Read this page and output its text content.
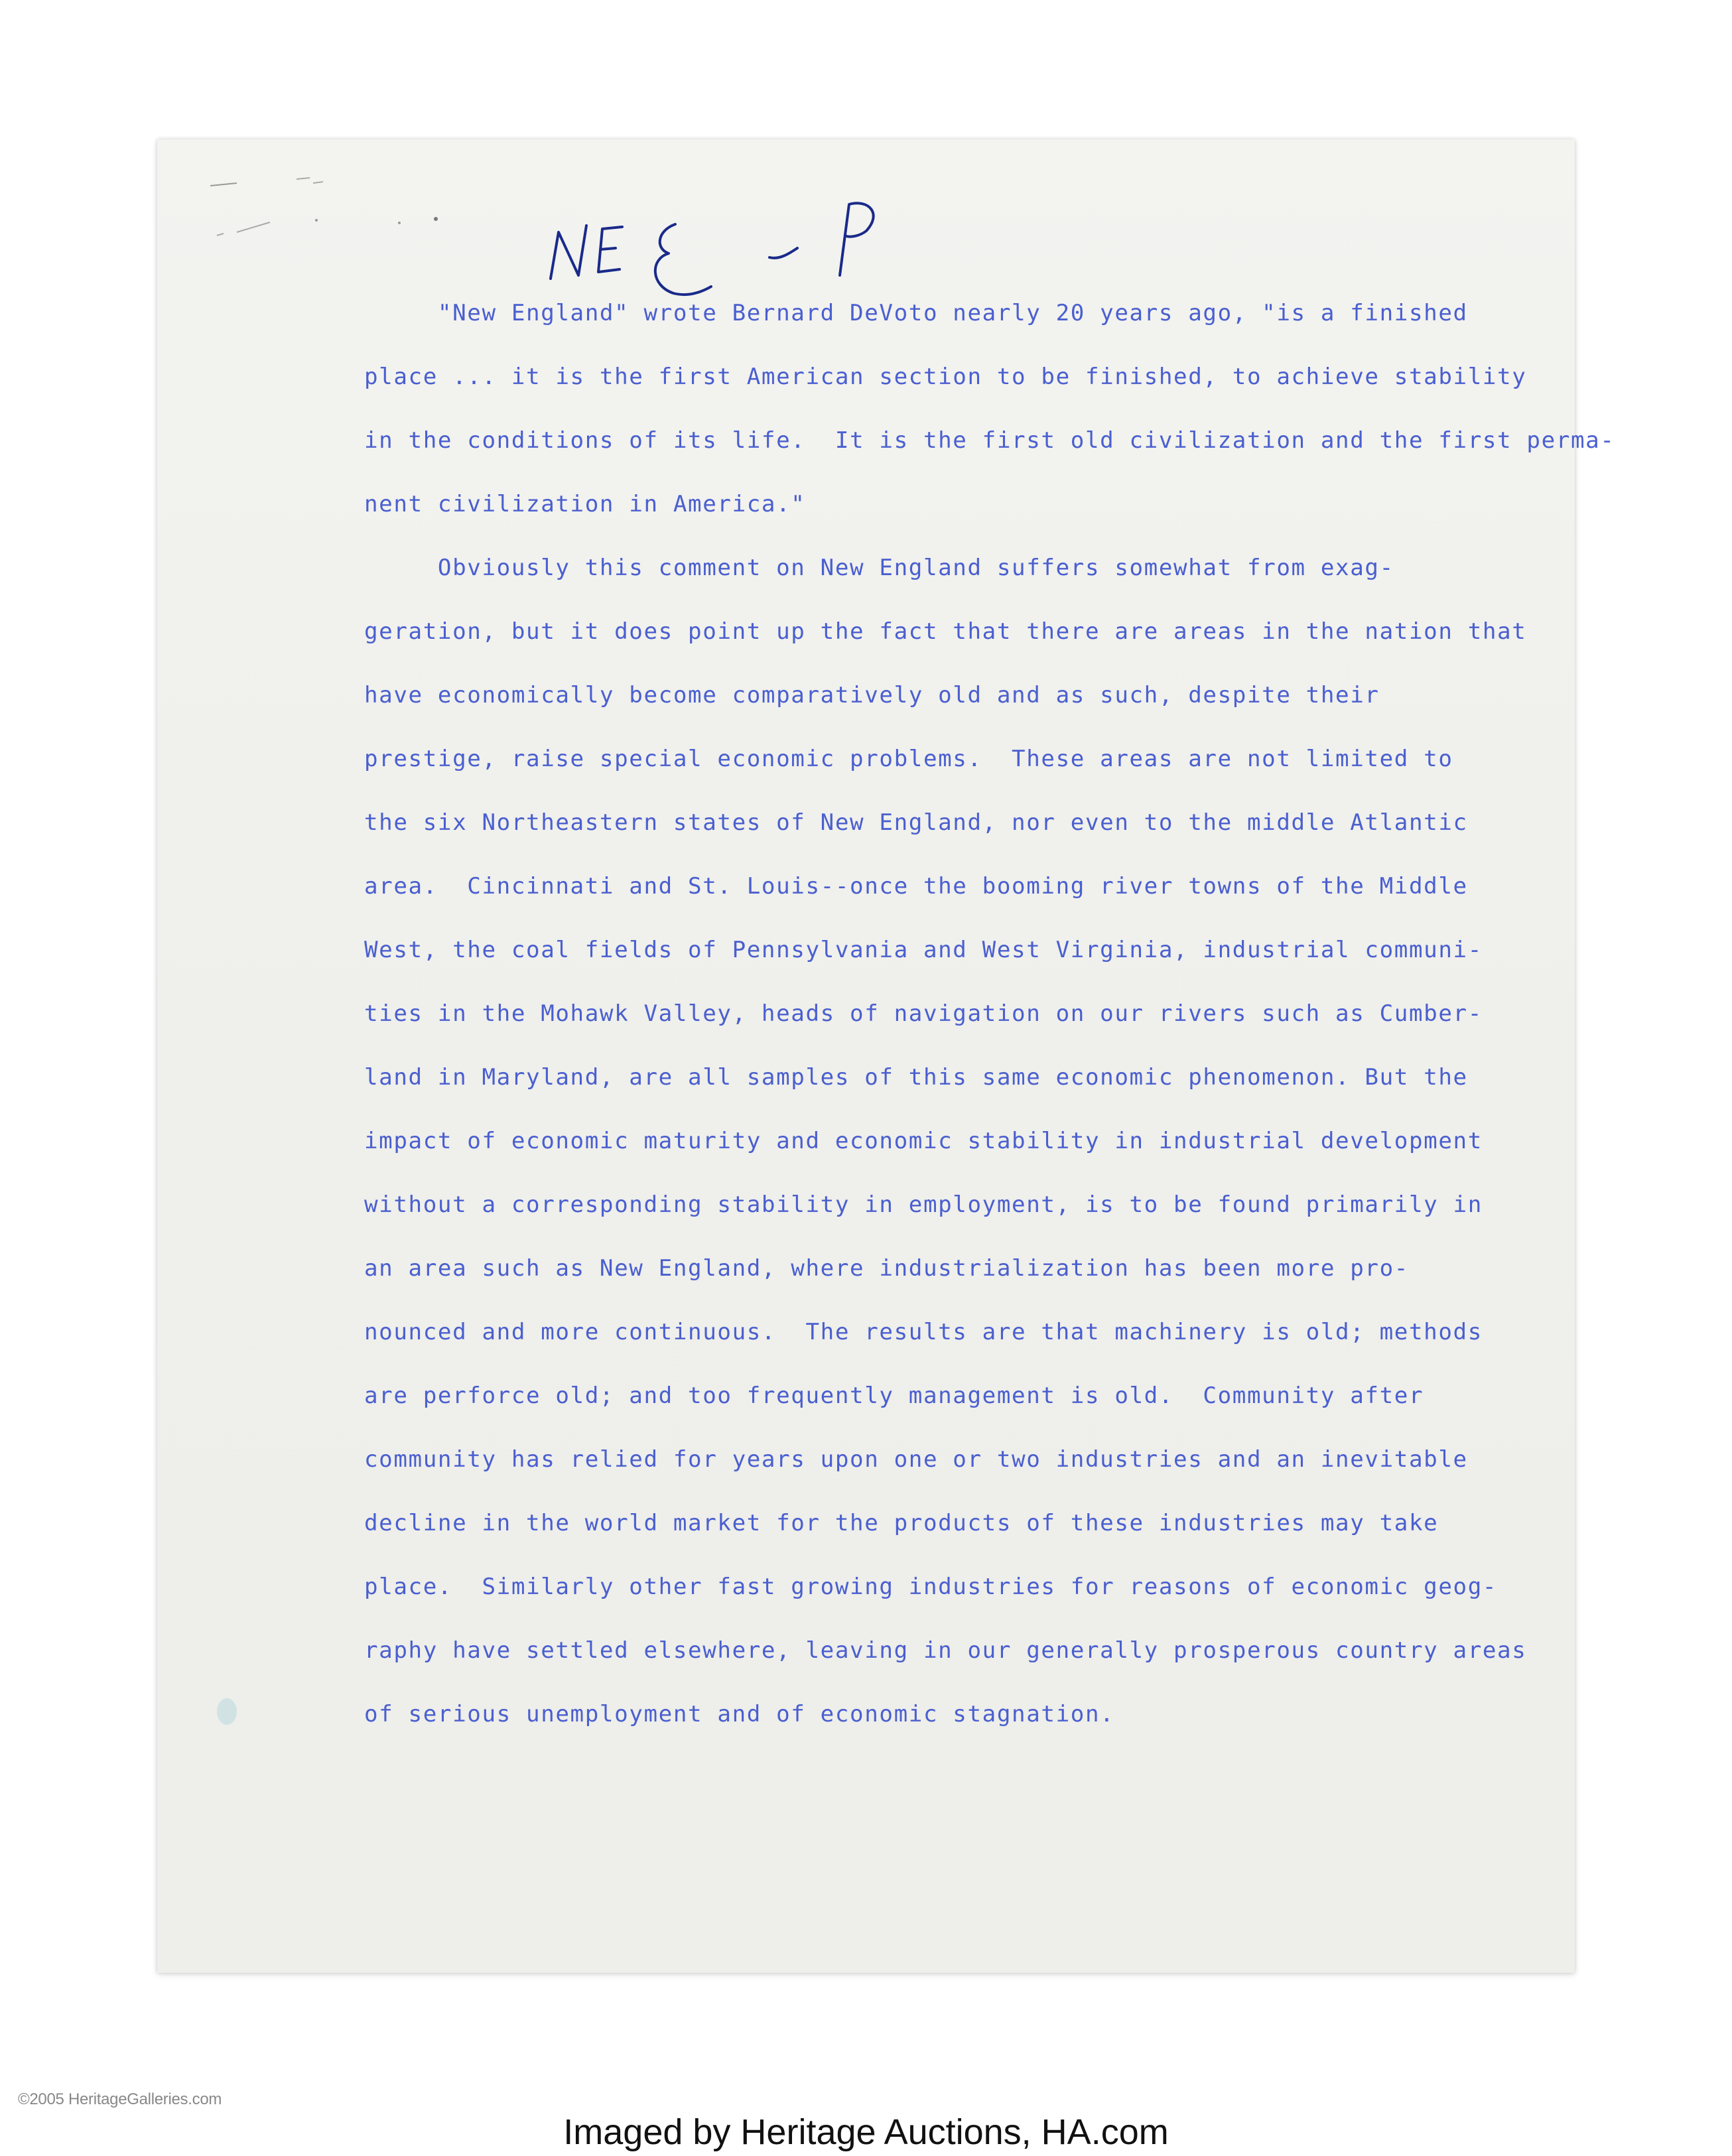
"New England" wrote Bernard DeVoto nearly 20 years ago, "is a finished
place ... it is the first American section to be finished, to achieve stability
in the conditions of its life.  It is the first old civilization and the first perma-
nent civilization in America."
Obviously this comment on New England suffers somewhat from exag-
geration, but it does point up the fact that there are areas in the nation that
have economically become comparatively old and as such, despite their
prestige, raise special economic problems.  These areas are not limited to
the six Northeastern states of New England, nor even to the middle Atlantic
area.  Cincinnati and St. Louis--once the booming river towns of the Middle
West, the coal fields of Pennsylvania and West Virginia, industrial communi-
ties in the Mohawk Valley, heads of navigation on our rivers such as Cumber-
land in Maryland, are all samples of this same economic phenomenon. But the
impact of economic maturity and economic stability in industrial development
without a corresponding stability in employment, is to be found primarily in
an area such as New England, where industrialization has been more pro-
nounced and more continuous.  The results are that machinery is old; methods
are perforce old; and too frequently management is old.  Community after
community has relied for years upon one or two industries and an inevitable
decline in the world market for the products of these industries may take
place.  Similarly other fast growing industries for reasons of economic geog-
raphy have settled elsewhere, leaving in our generally prosperous country areas
of serious unemployment and of economic stagnation.
©2005 HeritageGalleries.com
Imaged by Heritage Auctions, HA.com
